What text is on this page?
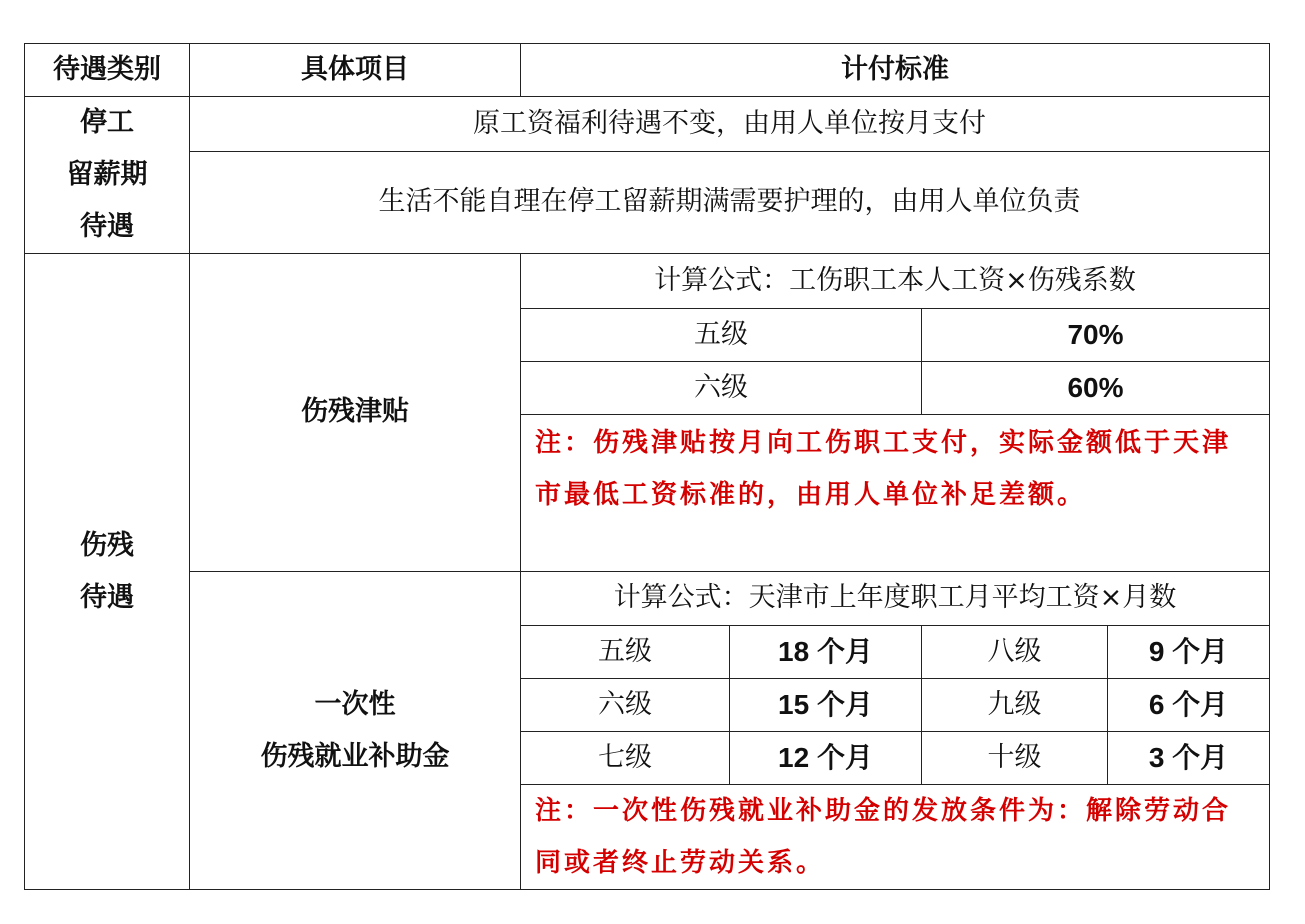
待遇类别	具体项目	计付标准
停工
留薪期
待遇
原工资福利待遇不变，由用人单位按月支付
生活不能自理在停工留薪期满需要护理的，由用人单位负责
伤残
待遇
伤残津贴
计算公式：工伤职工本人工资×伤残系数
五级	70%
六级	60%
注：伤残津贴按月向工伤职工支付，实际金额低于天津市最低工资标准的，由用人单位补足差额。
一次性
伤残就业补助金
计算公式：天津市上年度职工月平均工资×月数
五级	18 个月	八级	9 个月
六级	15 个月	九级	6 个月
七级	12 个月	十级	3 个月
注：一次性伤残就业补助金的发放条件为：解除劳动合同或者终止劳动关系。
